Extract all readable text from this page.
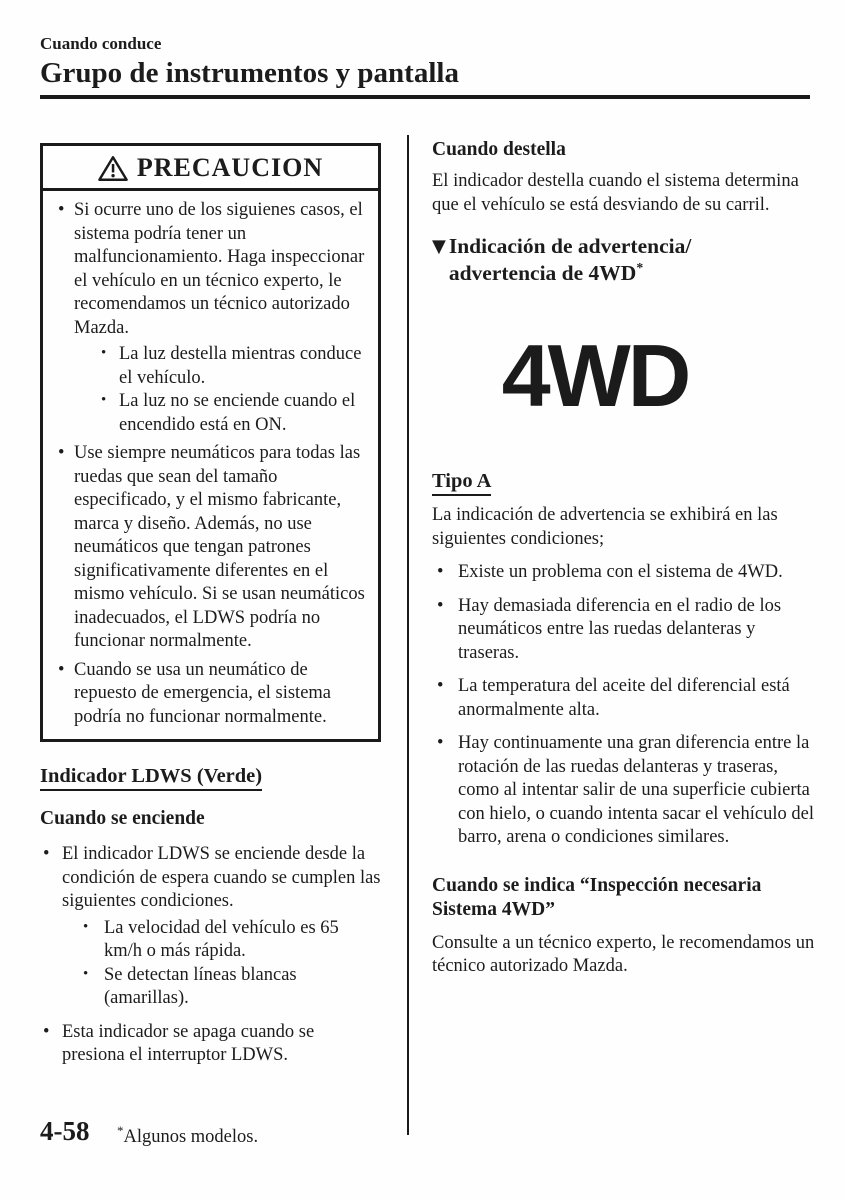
Cuando conduce
Grupo de instrumentos y pantalla
PRECAUCION
• Si ocurre uno de los siguienes casos, el sistema podría tener un malfuncionamiento. Haga inspeccionar el vehículo en un técnico experto, le recomendamos un técnico autorizado Mazda.
• La luz destella mientras conduce el vehículo.
• La luz no se enciende cuando el encendido está en ON.
• Use siempre neumáticos para todas las ruedas que sean del tamaño especificado, y el mismo fabricante, marca y diseño. Además, no use neumáticos que tengan patrones significativamente diferentes en el mismo vehículo. Si se usan neumáticos inadecuados, el LDWS podría no funcionar normalmente.
• Cuando se usa un neumático de repuesto de emergencia, el sistema podría no funcionar normalmente.
Indicador LDWS (Verde)
Cuando se enciende
• El indicador LDWS se enciende desde la condición de espera cuando se cumplen las siguientes condiciones.
• La velocidad del vehículo es 65 km/h o más rápida.
• Se detectan líneas blancas (amarillas).
• Esta indicador se apaga cuando se presiona el interruptor LDWS.
Cuando destella

El indicador destella cuando el sistema determina que el vehículo se está desviando de su carril.

▼ Indicación de advertencia/
advertencia de 4WD*
4WD
Tipo A

La indicación de advertencia se exhibirá en las siguientes condiciones;

• Existe un problema con el sistema de 4WD.
• Hay demasiada diferencia en el radio de los neumáticos entre las ruedas delanteras y traseras.
• La temperatura del aceite del diferencial está anormalmente alta.
• Hay continuamente una gran diferencia entre la rotación de las ruedas delanteras y traseras, como al intentar salir de una superficie cubierta con hielo, o cuando intenta sacar el vehículo del barro, arena o condiciones similares.
Cuando se indica “Inspección necesaria Sistema 4WD”

Consulte a un técnico experto, le recomendamos un técnico autorizado Mazda.

4-58 *Algunos modelos.
